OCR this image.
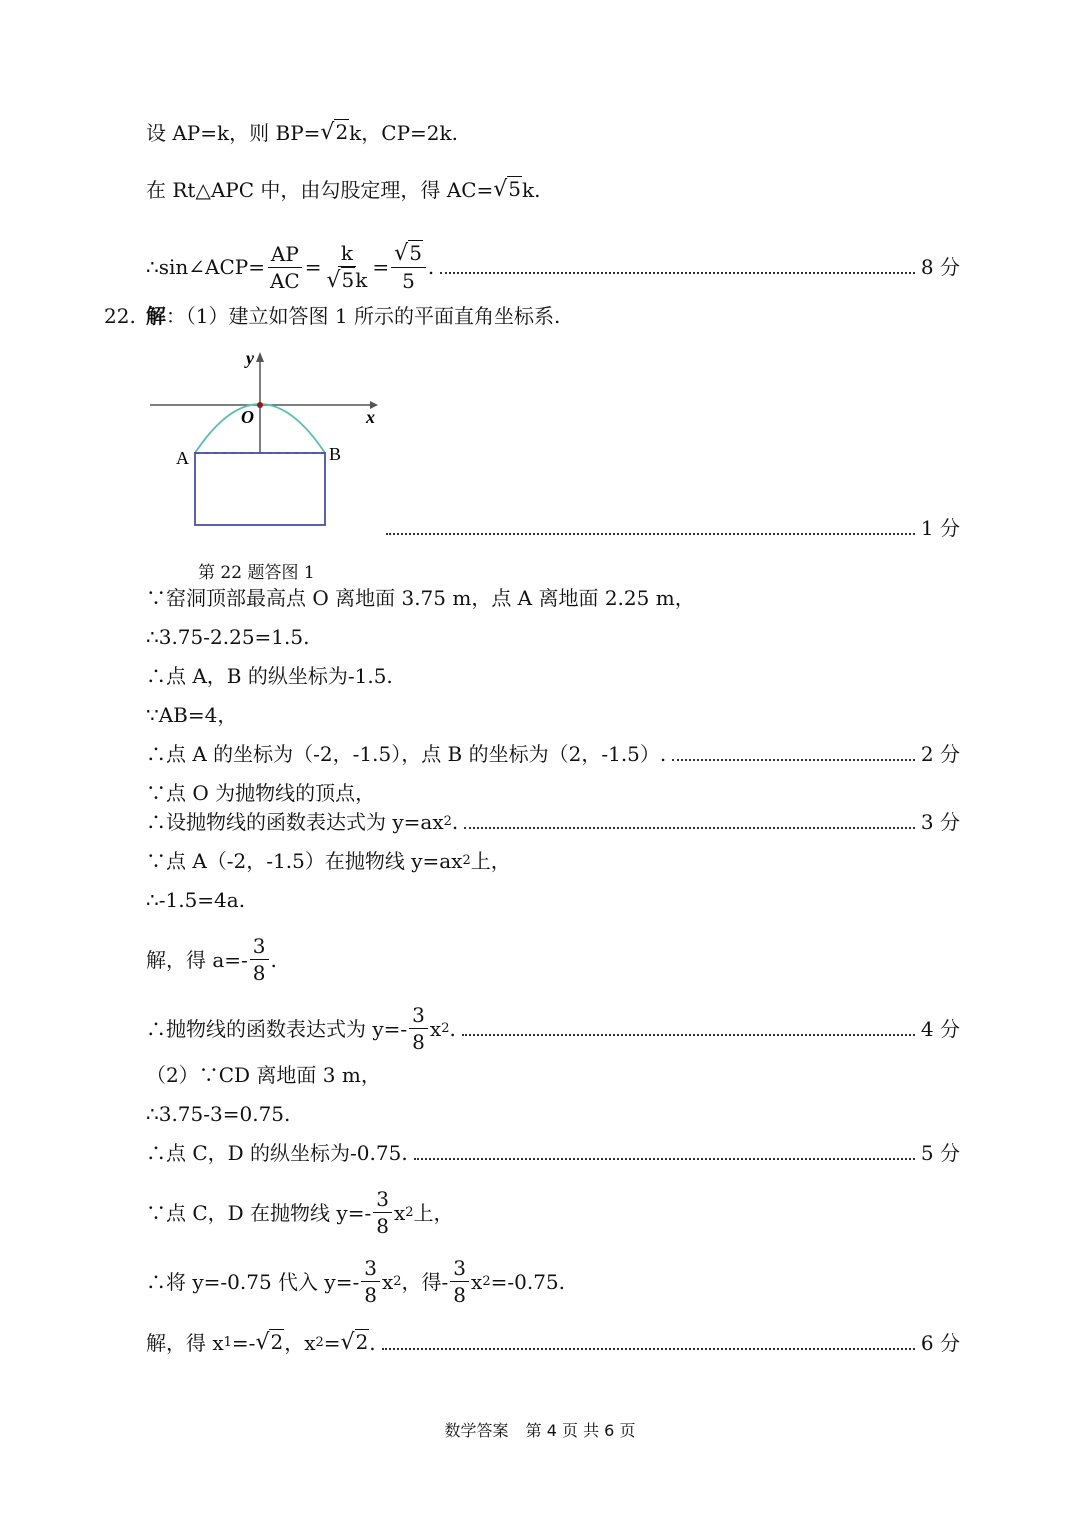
设 AP=k，则 BP= √2 k，CP=2k.
在 Rt△APC 中，由勾股定理，得 AC= √5 k.
∴sin∠ACP= $\frac{AP}{AC} = \frac{k}{√5k} = \frac{√5}{5}$ .	8 分
22. 解 ：（1）建立如答图 1 所示的平面直角坐标系.
y
x
O
A	B
1 分
第 22 题答图 1
∵窑洞顶部最高点 O 离地面 3.75 m，点 A 离地面 2.25 m，
∴3.75-2.25=1.5.
∴点 A，B 的纵坐标为-1.5.
∵AB=4，
∴点 A 的坐标为（-2，-1.5），点 B 的坐标为（2，-1.5）.	2 分
∵点 O 为抛物线的顶点，
∴设抛物线的函数表达式为 y=ax 2 .	3 分
∵点 A（-2，-1.5）在抛物线 y=ax 2 上，
∴-1.5=4a.
解，得 $a=- \frac{3}{8}$ .
∴抛物线的函数表达式为 $y=- \frac{3}{8}$ x 2 .	4 分
（2）∵CD 离地面 3 m，
∴3.75-3=0.75.
∴点 C，D 的纵坐标为-0.75.	5 分
∵点 C，D 在抛物线 $y=- \frac{3}{8}$ x 2 上，
∴将 y=-0.75 代入 $y=- \frac{3}{8}$ x 2 ，得- $\frac{3}{8}$ x 2 =-0.75.
解，得 x 1 =- √2 ，x 2 = √2 .	6 分
数学答案 第 4 页 共 6 页
